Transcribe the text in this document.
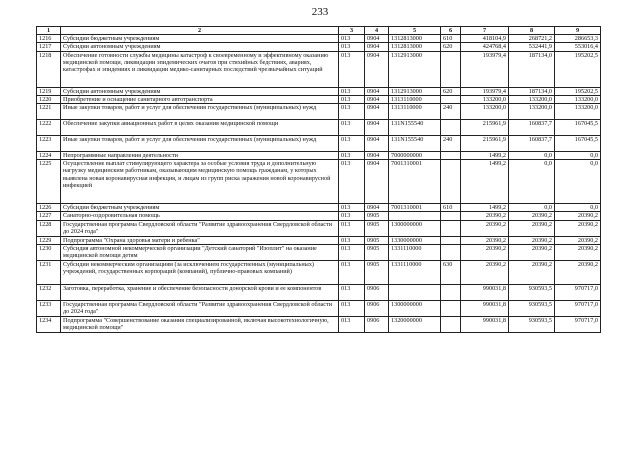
233
1	2	3	4	5	6	7	8	9
1216	Субсидии бюджетным учреждениям	013	0904	1312813000	610	418104,9	268721,2	286653,3
1217	Субсидии автономным учреждениям	013	0904	1312813000	620	424768,4	532441,9	553016,4
1218	Обеспечение готовности службы медицины катастроф к своевременному и эффективному оказанию медицинской помощи, ликвидации эпидемических очагов при стихийных бедствиях, авариях, катастрофах и эпидемиях и ликвидации медико-санитарных последствий чрезвычайных ситуаций	013	0904	1312913000		193979,4	187134,0	195202,5
1219	Субсидии автономным учреждениям	013	0904	1312913000	620	193979,4	187134,0	195202,5
1220	Приобретение и оснащение санитарного автотранспорта	013	0904	1313110000		133200,0	133200,0	133200,0
1221	Иные закупки товаров, работ и услуг для обеспечения государственных (муниципальных) нужд	013	0904	1313110000	240	133200,0	133200,0	133200,0
1222	Обеспечение закупки авиационных работ в целях оказания медицинской помощи	013	0904	131N155540		215961,9	160837,7	167045,5
1223	Иные закупки товаров, работ и услуг для обеспечения государственных (муниципальных) нужд	013	0904	131N155540	240	215961,9	160837,7	167045,5
1224	Непрограммные направления деятельности	013	0904	7000000000		1499,2	0,0	0,0
1225	Осуществление выплат стимулирующего характера за особые условия труда и дополнительную нагрузку медицинским работникам, оказывающим медицинскую помощь гражданам, у которых выявлена новая коронавирусная инфекция, и лицам из групп риска заражения новой коронавирусной инфекцией	013	0904	7001310001		1499,2	0,0	0,0
1226	Субсидии бюджетным учреждениям	013	0904	7001310001	610	1499,2	0,0	0,0
1227	Санаторно-оздоровительная помощь	013	0905			20390,2	20390,2	20390,2
1228	Государственная программа Свердловской области "Развитие здравоохранения Свердловской области до 2024 года"	013	0905	1300000000		20390,2	20390,2	20390,2
1229	Подпрограмма "Охрана здоровья матери и ребенка"	013	0905	1330000000		20390,2	20390,2	20390,2
1230	Субсидия автономной некоммерческой организации "Детский санаторий "Изоплит" на оказание медицинской помощи детям	013	0905	1331110000		20390,2	20390,2	20390,2
1231	Субсидии некоммерческим организациям (за исключением государственных (муниципальных) учреждений, государственных корпораций (компаний), публично-правовых компаний)	013	0905	1331110000	630	20390,2	20390,2	20390,2
1232	Заготовка, переработка, хранение и обеспечение безопасности донорской крови и ее компонентов	013	0906			990031,8	930593,5	970717,0
1233	Государственная программа Свердловской области "Развитие здравоохранения Свердловской области до 2024 года"	013	0906	1300000000		990031,8	930593,5	970717,0
1234	Подпрограмма "Совершенствование оказания специализированной, включая высокотехнологичную, медицинской помощи"	013	0906	1320000000		990031,8	930593,5	970717,0
